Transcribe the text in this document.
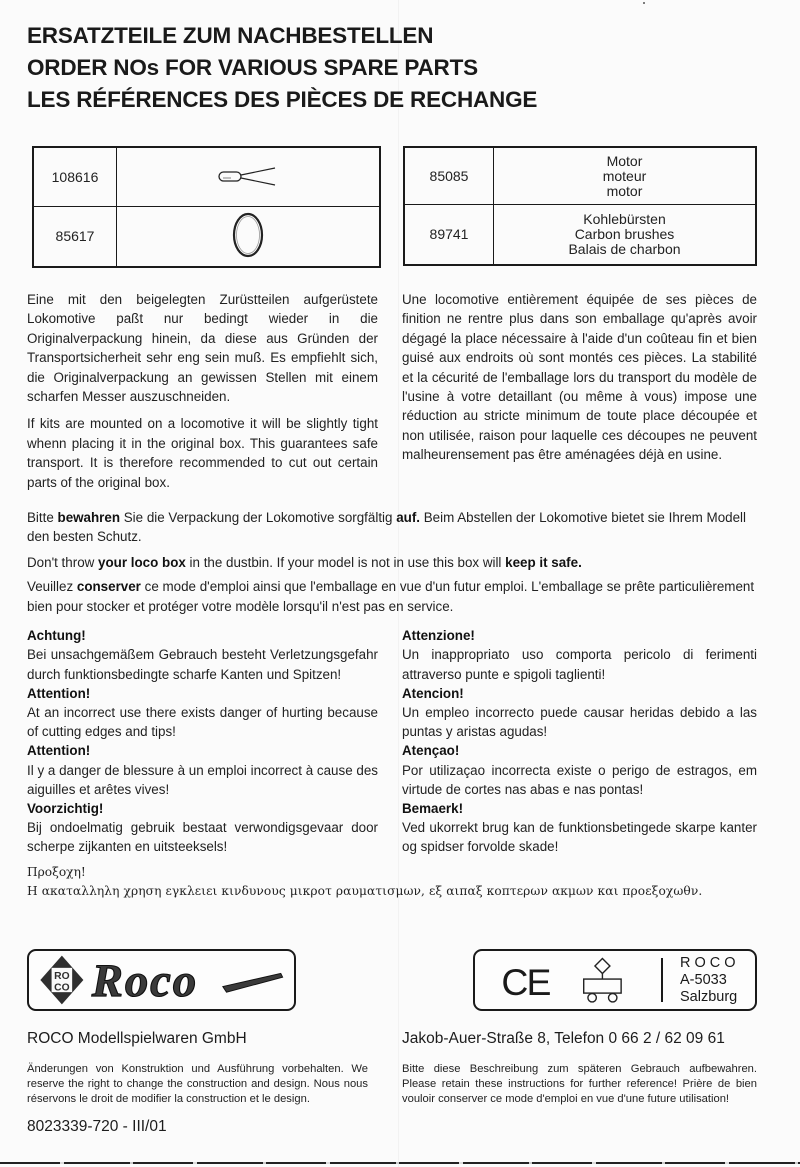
ERSATZTEILE ZUM NACHBESTELLEN
ORDER NOs FOR VARIOUS SPARE PARTS
LES RÉFÉRENCES DES PIÈCES DE RECHANGE
108616	
85617	
85085	Motor
moteur
motor

89741	Kohlebürsten
Carbon brushes
Balais de charbon

Eine mit den beigelegten Zurüstteilen aufgerüstete Lokomotive paßt nur bedingt wieder in die Originalverpackung hinein, da diese aus Gründen der Transportsicherheit sehr eng sein muß. Es empfiehlt sich, die Originalverpackung an gewissen Stellen mit einem scharfen Messer auszuschneiden.

If kits are mounted on a locomotive it will be slightly tight whenn placing it in the original box. This guarantees safe transport. It is therefore recommended to cut out certain parts of the original box.

Une locomotive entièrement équipée de ses pièces de finition ne rentre plus dans son emballage qu'après avoir dégagé la place nécessaire à l'aide d'un coûteau fin et bien guisé aux endroits où sont montés ces pièces. La stabilité et la cécurité de l'emballage lors du transport du modèle de l'usine à votre detaillant (ou même à vous) impose une réduction au stricte minimum de toute place découpée et non utilisée, raison pour laquelle ces découpes ne peuvent malheurensement pas être aménagées déjà en usine.

Bitte bewahren Sie die Verpackung der Lokomotive sorgfältig auf. Beim Abstellen der Lokomotive bietet sie Ihrem Modell den besten Schutz.
Don't throw your loco box in the dustbin. If your model is not in use this box will keep it safe.
Veuillez conserver ce mode d'emploi ainsi que l'emballage en vue d'un futur emploi. L'emballage se prête particulièrement bien pour stocker et protéger votre modèle lorsqu'il n'est pas en service.
Achtung!
Bei unsachgemäßem Gebrauch besteht Verletzungsgefahr durch funktionsbedingte scharfe Kanten und Spitzen!
Attention!
At an incorrect use there exists danger of hurting because of cutting edges and tips!
Attention!
Il y a danger de blessure à un emploi incorrect à cause des aiguilles et arêtes vives!
Voorzichtig!
Bij ondoelmatig gebruik bestaat verwondigsgevaar door scherpe zijkanten en uitsteeksels!
Attenzione!
Un inappropriato uso comporta pericolo di ferimenti attraverso punte e spigoli taglienti!
Atencion!
Un empleo incorrecto puede causar heridas debido a las puntas y aristas agudas!
Atençao!
Por utilizaçao incorrecta existe o perigo de estragos, em virtude de cortes nas abas e nas pontas!
Bemaerk!
Ved ukorrekt brug kan de funktionsbetingede skarpe kanter og spidser forvolde skade!
Προξοχη!
Η ακαταλληλη χρηση εγκλειει κινδυνους μικροτ ραυματισμων, εξ αιπαξ κοπτερων ακμων και προεξοχωθν.
RO
CO Roco	CE	ROCO
A-5033
Salzburg
ROCO Modellspielwaren GmbH	Jakob-Auer-Straße 8, Telefon 0 66 2 / 62 09 61
Änderungen von Konstruktion und Ausführung vorbehalten. We reserve the right to change the construction and design. Nous nous réservons le droit de modifier la construction et le design.
Bitte diese Beschreibung zum späteren Gebrauch aufbewahren. Please retain these instructions for further reference! Prière de bien vouloir conserver ce mode d'emploi en vue d'une future utilisation!
8023339-720 - III/01
